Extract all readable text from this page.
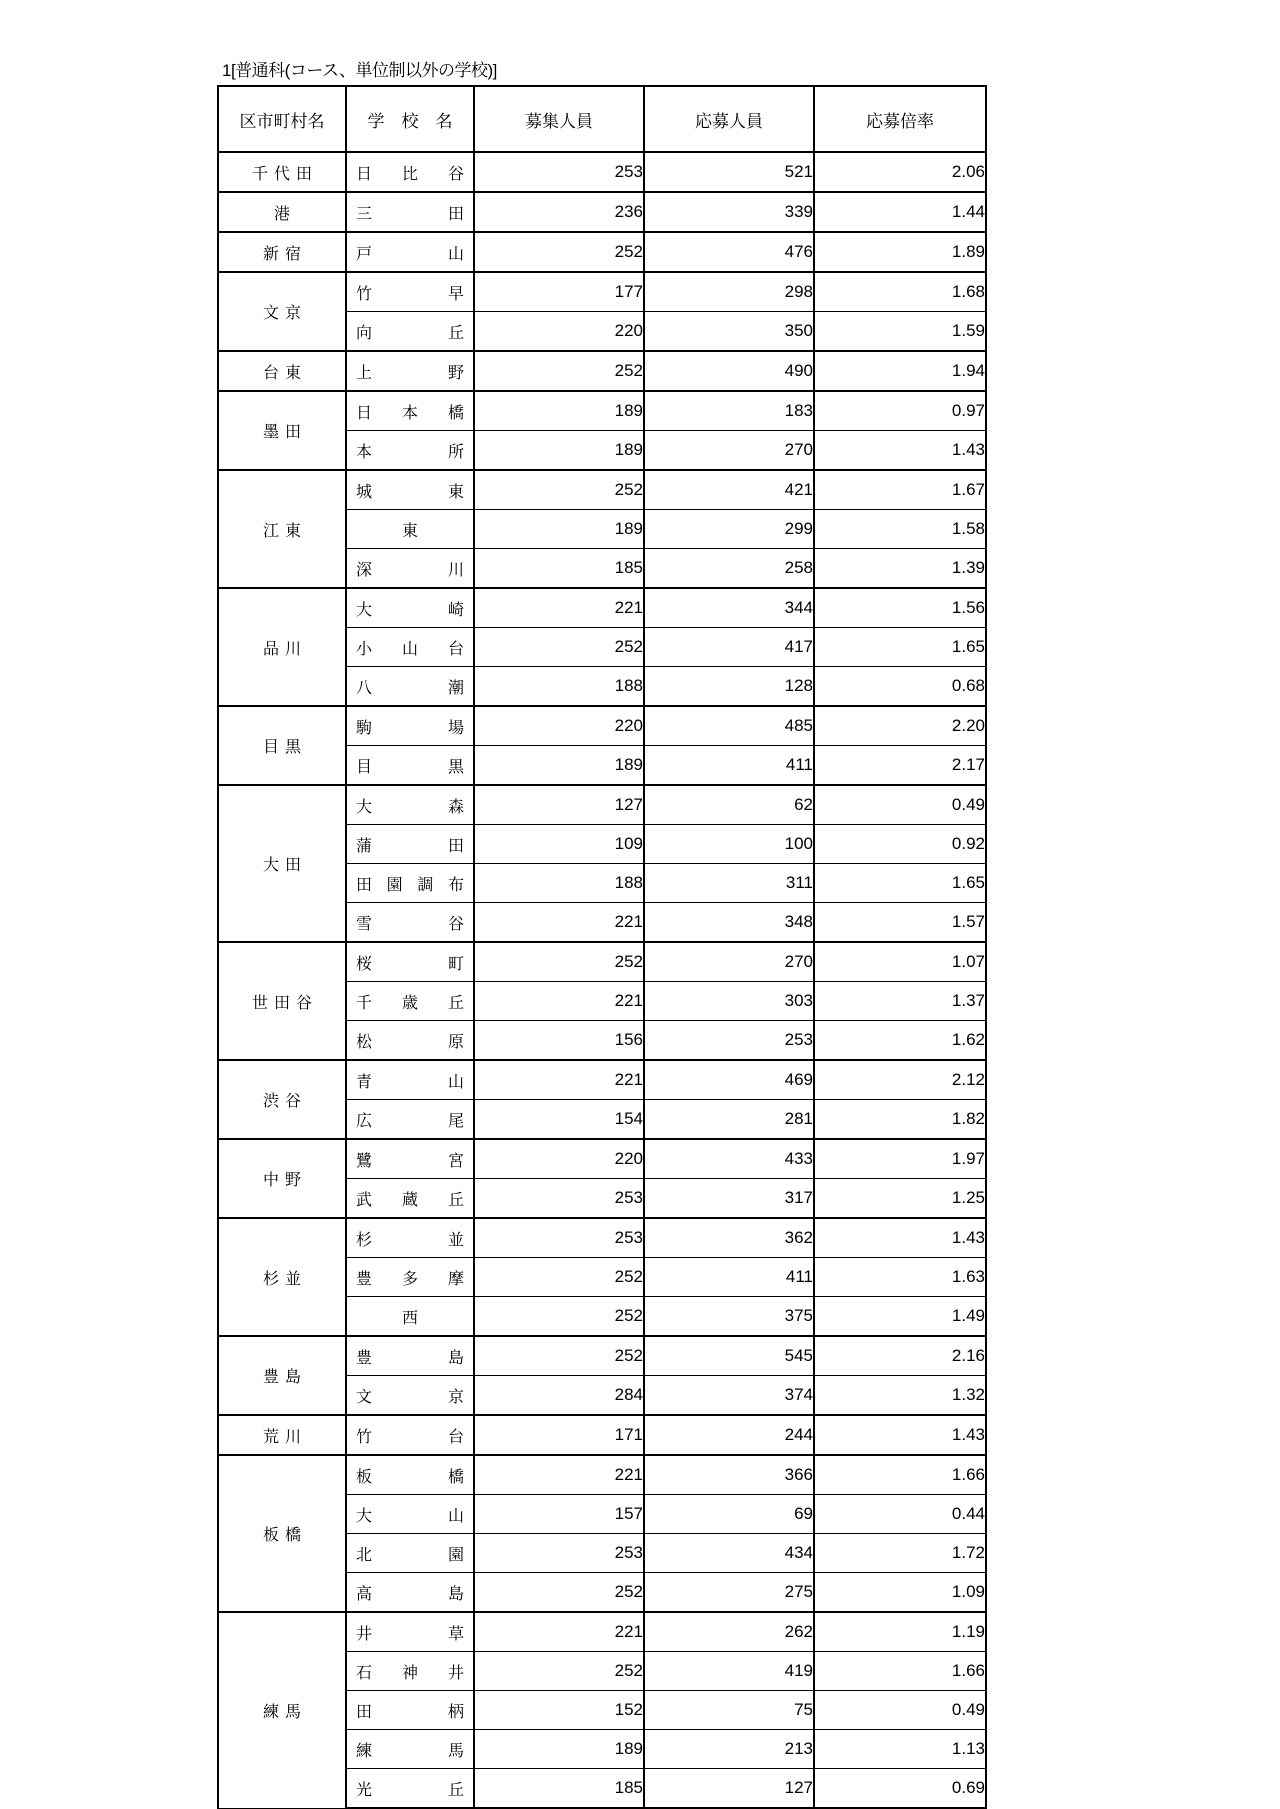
1[普通科(コース、単位制以外の学校)]
区市町村名	学　校　名	募集人員	応募人員	応募倍率

千 代 田	日 比 谷	253	521	2.06

港	三 田	236	339	1.44

新 宿	戸 山	252	476	1.89

文 京	竹 早	177	298	1.68

	向 丘	220	350	1.59

台 東	上 野	252	490	1.94

墨 田	日 本 橋	189	183	0.97

	本 所	189	270	1.43

江 東	城 東	252	421	1.67

	東	189	299	1.58

	深 川	185	258	1.39

品 川	大 崎	221	344	1.56

	小 山 台	252	417	1.65

	八 潮	188	128	0.68

目 黒	駒 場	220	485	2.20

	目 黒	189	411	2.17

大 田	大 森	127	62	0.49

	蒲 田	109	100	0.92

	田 園 調 布	188	311	1.65

	雪 谷	221	348	1.57

世 田 谷	桜 町	252	270	1.07

	千 歳 丘	221	303	1.37

	松 原	156	253	1.62

渋 谷	青 山	221	469	2.12

	広 尾	154	281	1.82

中 野	鷺 宮	220	433	1.97

	武 蔵 丘	253	317	1.25

杉 並	杉 並	253	362	1.43

	豊 多 摩	252	411	1.63

	西	252	375	1.49

豊 島	豊 島	252	545	2.16

	文 京	284	374	1.32

荒 川	竹 台	171	244	1.43

板 橋	板 橋	221	366	1.66

	大 山	157	69	0.44

	北 園	253	434	1.72

	高 島	252	275	1.09

練 馬	井 草	221	262	1.19

	石 神 井	252	419	1.66

	田 柄	152	75	0.49

	練 馬	189	213	1.13

	光 丘	185	127	0.69
